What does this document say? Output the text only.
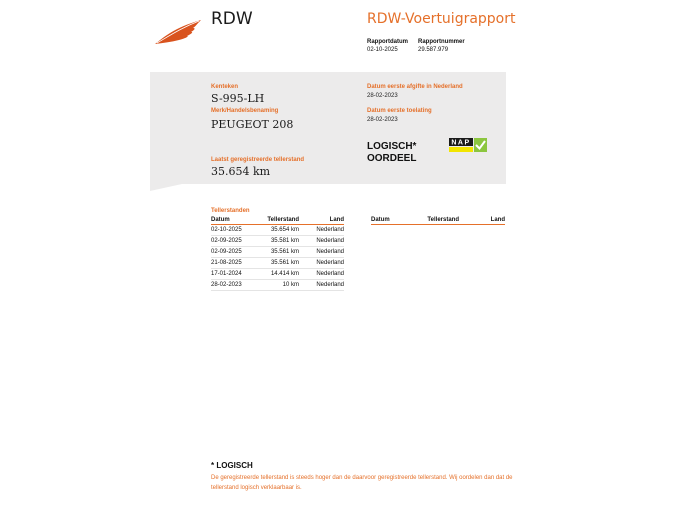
RDW	RDW-Voertuigrapport
Rapportdatum
02-10-2025
Rapportnummer
29.587.979
Kenteken
S-995-LH
Merk/Handelsbenaming
PEUGEOT 208
Laatst geregistreerde tellerstand
35.654 km
Datum eerste afgifte in Nederland
28-02-2023
Datum eerste toelating
28-02-2023
LOGISCH*
OORDEEL
NAP
Tellerstanden
Datum	Tellerstand	Land
02-10-2025	35.654 km	Nederland
02-09-2025	35.581 km	Nederland
02-09-2025	35.561 km	Nederland
21-08-2025	35.561 km	Nederland
17-01-2024	14.414 km	Nederland
28-02-2023	10 km	Nederland
Datum	Tellerstand	Land
* LOGISCH
De geregistreerde tellerstand is steeds hoger dan de daarvoor geregistreerde tellerstand. Wij oordelen dan dat de tellerstand logisch verklaarbaar is.
